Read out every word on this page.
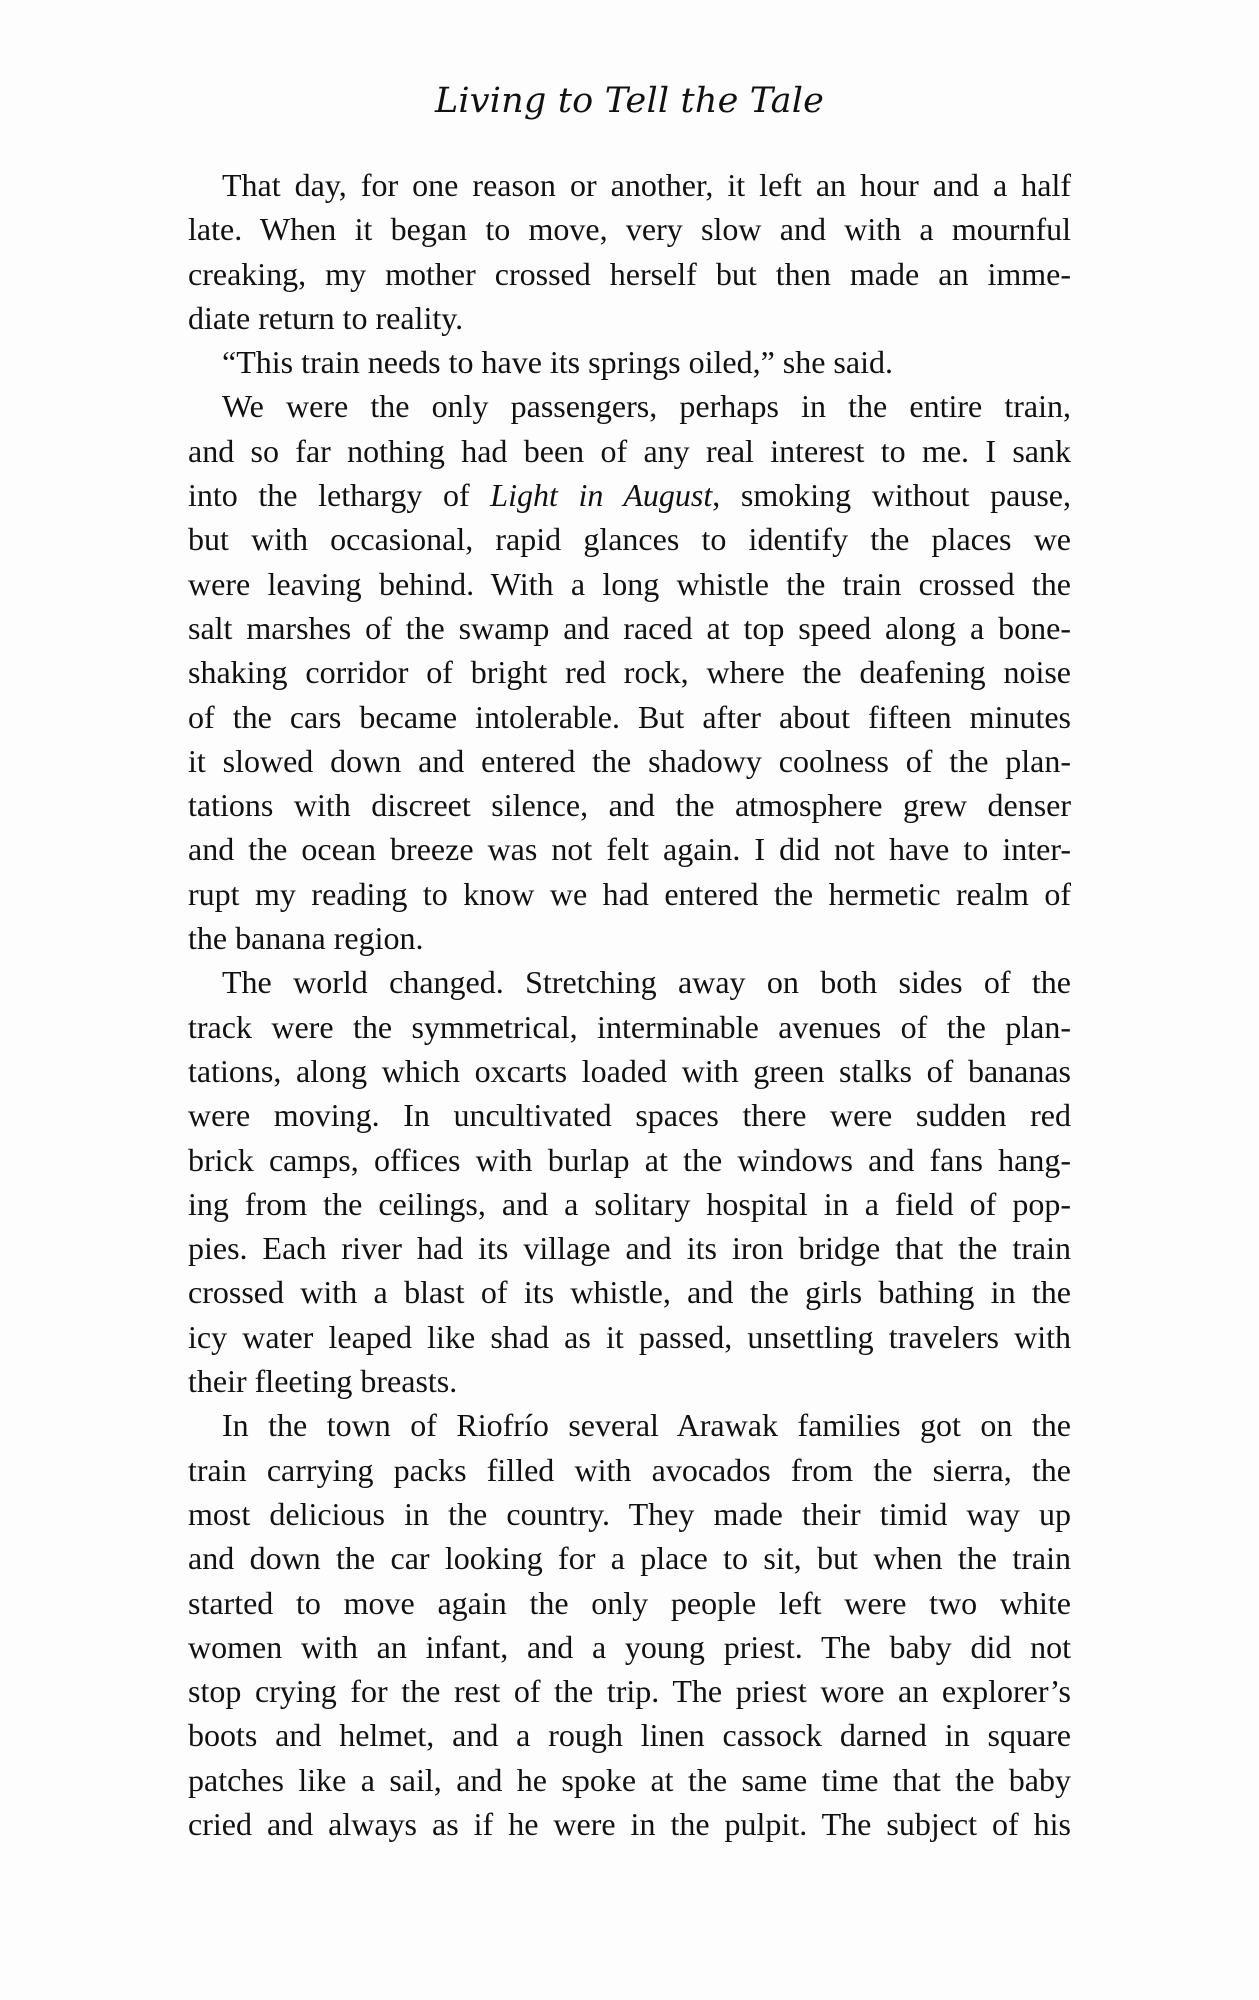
Living to Tell the Tale
That day, for one reason or another, it left an hour and a half
late. When it began to move, very slow and with a mournful
creaking, my mother crossed herself but then made an imme-
diate return to reality.
“This train needs to have its springs oiled,” she said.
We were the only passengers, perhaps in the entire train,
and so far nothing had been of any real interest to me. I sank
into the lethargy of Light in August, smoking without pause,
but with occasional, rapid glances to identify the places we
were leaving behind. With a long whistle the train crossed the
salt marshes of the swamp and raced at top speed along a bone-
shaking corridor of bright red rock, where the deafening noise
of the cars became intolerable. But after about fifteen minutes
it slowed down and entered the shadowy coolness of the plan-
tations with discreet silence, and the atmosphere grew denser
and the ocean breeze was not felt again. I did not have to inter-
rupt my reading to know we had entered the hermetic realm of
the banana region.
The world changed. Stretching away on both sides of the
track were the symmetrical, interminable avenues of the plan-
tations, along which oxcarts loaded with green stalks of bananas
were moving. In uncultivated spaces there were sudden red
brick camps, offices with burlap at the windows and fans hang-
ing from the ceilings, and a solitary hospital in a field of pop-
pies. Each river had its village and its iron bridge that the train
crossed with a blast of its whistle, and the girls bathing in the
icy water leaped like shad as it passed, unsettling travelers with
their fleeting breasts.
In the town of Riofrío several Arawak families got on the
train carrying packs filled with avocados from the sierra, the
most delicious in the country. They made their timid way up
and down the car looking for a place to sit, but when the train
started to move again the only people left were two white
women with an infant, and a young priest. The baby did not
stop crying for the rest of the trip. The priest wore an explorer’s
boots and helmet, and a rough linen cassock darned in square
patches like a sail, and he spoke at the same time that the baby
cried and always as if he were in the pulpit. The subject of his
